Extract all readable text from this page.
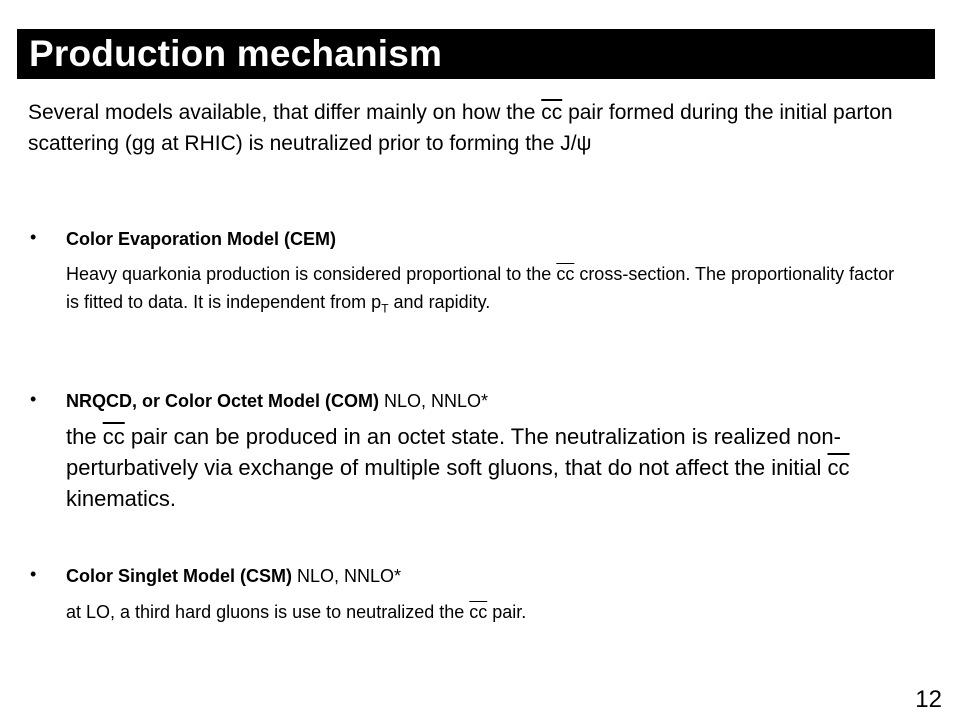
Production mechanism
Several models available, that differ mainly on how the $\overline{cc}$ pair formed during the initial parton scattering (gg at RHIC) is neutralized prior to forming the J/ψ
• Color Evaporation Model (CEM)
Heavy quarkonia production is considered proportional to the $\overline{cc}$ cross-section. The proportionality factor is fitted to data. It is independent from $p_T$ and rapidity.
• NRQCD, or Color Octet Model (COM) NLO, NNLO*
the $\overline{cc}$ pair can be produced in an octet state. The neutralization is realized non-perturbatively via exchange of multiple soft gluons, that do not affect the initial $\overline{cc}$ kinematics.
• Color Singlet Model (CSM) NLO, NNLO*
at LO, a third hard gluons is use to neutralized the $\overline{cc}$ pair.
12
